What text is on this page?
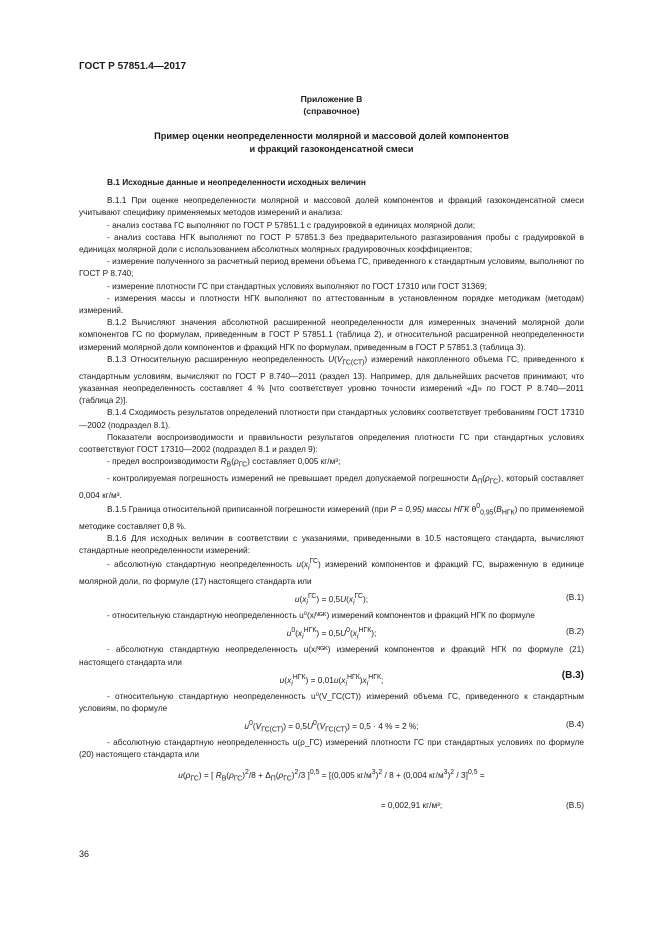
ГОСТ Р 57851.4—2017
Приложение В
(справочное)
Пример оценки неопределенности молярной и массовой долей компонентов
и фракций газоконденсатной смеси

В.1 Исходные данные и неопределенности исходных величин

В.1.1 При оценке неопределенности молярной и массовой долей компонентов и фракций газоконденсатной смеси учитывают специфику применяемых методов измерений и анализа:

- анализ состава ГС выполняют по ГОСТ Р 57851.1 с градуировкой в единицах молярной доли;

- анализ состава НГК выполняют по ГОСТ Р 57851.3 без предварительного разгазирования пробы с градуировкой в единицах молярной доли с использованием абсолютных молярных градуировочных коэффициентов;

- измерение полученного за расчетный период времени объема ГС, приведенного к стандартным условиям, выполняют по ГОСТ Р 8.740;

- измерение плотности ГС при стандартных условиях выполняют по ГОСТ 17310 или ГОСТ 31369;

- измерения массы и плотности НГК выполняют по аттестованным в установленном порядке методикам (методам) измерений.

В.1.2 Вычисляют значения абсолютной расширенной неопределенности для измеренных значений молярной доли компонентов ГС по формулам, приведенным в ГОСТ Р 57851.1 (таблица 2), и относительной расширенной неопределенности измерений молярной доли компонентов и фракций НГК по формулам, приведенным в ГОСТ Р 57851.3 (таблица 3).

В.1.3 Относительную расширенную неопределенность $U(V_{ГС(СТ)})$ измерений накопленного объема ГС, приведенного к стандартным условиям, вычисляют по ГОСТ Р 8.740—2011 (раздел 13). Например, для дальнейших расчетов принимают, что указанная неопределенность составляет 4 % [что соответствует уровню точности измерений «Д» по ГОСТ Р 8.740—2011 (таблица 2)].

В.1.4 Сходимость результатов определений плотности при стандартных условиях соответствует требованиям ГОСТ 17310—2002 (подраздел 8.1).

Показатели воспроизводимости и правильности результатов определения плотности ГС при стандартных условиях соответствуют ГОСТ 17310—2002 (подраздел 8.1 и раздел 9):

- предел воспроизводимости $R_В(\rho_{ГС})$ составляет 0,005 кг/м³;

- контролируемая погрешность измерений не превышает предел допускаемой погрешности $\Delta_П(\rho_{ГС})$, который составляет 0,004 кг/м³.

В.1.5 Граница относительной приписанной погрешности измерений (при P = 0,95) массы НГК $\theta^0_{0,95}(B_{НГК})$ по применяемой методике составляет 0,8 %.

В.1.6 Для исходных величин в соответствии с указаниями, приведенными в 10.5 настоящего стандарта, вычисляют стандартные неопределенности измерений:

- абсолютную стандартную неопределенность $u(x_i^{ГС})$ измерений компонентов и фракций ГС, выраженную в единице молярной доли, по формуле (17) настоящего стандарта или

$u(x_i^{ГС}) = 0,5U(x_i^{ГС})$;	(В.1)

- относительную стандартную неопределенность u⁰(xᵢᴺᴳᴷ) измерений компонентов и фракций НГК по формуле

$u^0(x_i^{НГК}) = 0,5U^0(x_i^{НГК})$;	(В.2)

- абсолютную стандартную неопределенность u(xᵢᴺᴳᴷ) измерений компонентов и фракций НГК по формуле (21) настоящего стандарта или

$u(x_i^{НГК}) = 0,01u(x_i^{НГК})x_i^{НГК}$;	(В.3)

- относительную стандартную неопределенность u⁰(V_ГС(СТ)) измерений объема ГС, приведенного к стандартным условиям, по формуле

$u^0(V_{ГС(СТ)}) = 0,5U^0(V_{ГС(СТ)}) = 0,5 \cdot 4$ % = 2 %;	(В.4)

- абсолютную стандартную неопределенность u(ρ_ГС) измерений плотности ГС при стандартных условиях по формуле (20) настоящего стандарта или

$u(\rho_{ГС})$ = [ $R_В(\rho_{ГС})^2/8 + \Delta_П(\rho_{ГС})^2/3$ ]$^{0,5}$ = [(0,005 $кг/м^3)^2 / 8 + (0,004$ $кг/м^3)^2 / 3]^{0,5}$ =
= 0,002,91 кг/м³;	(В.5)
36
